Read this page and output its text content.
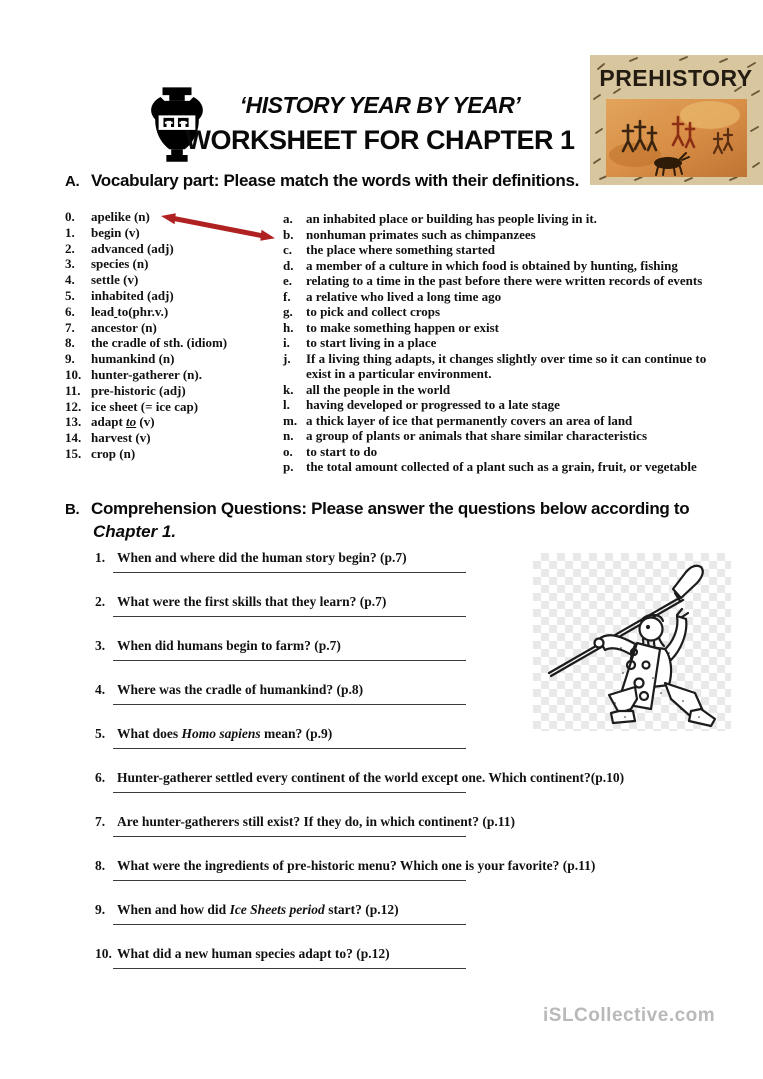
‘HISTORY YEAR BY YEAR’
WORKSHEET FOR CHAPTER 1
PREHISTORY
A. Vocabulary part: Please match the words with their definitions.
0.	apelike (n)
1.	begin (v)
2.	advanced (adj)
3.	species (n)
4.	settle (v)
5.	inhabited (adj)
6.	lead to(phr.v.)
7.	ancestor (n)
8.	the cradle of sth. (idiom)
9.	humankind (n)
10. hunter-gatherer (n).
11. pre-historic (adj)
12. ice sheet (= ice cap)
13. adapt to (v)
14. harvest (v)
15. crop (n)
a.	an inhabited place or building has people living in it.
b. nonhuman primates such as chimpanzees
c.	the place where something started
d. a member of a culture in which food is obtained by hunting, fishing
e.	relating to a time in the past before there were written records of events
f.	a relative who lived a long time ago
g.	to pick and collect crops
h. to make something happen or exist
i.	to start living in a place
j.	If a living thing adapts, it changes slightly over time so it can continue to
exist in a particular environment.
k. all the people in the world
l.	having developed or progressed to a late stage
m. a thick layer of ice that permanently covers an area of land
n. a group of plants or animals that share similar characteristics
o.	to start to do
p. the total amount collected of a plant such as a grain, fruit, or vegetable
B. Comprehension Questions: Please answer the questions below according to
Chapter 1.
1. When and where did the human story begin? (p.7)
2. What were the first skills that they learn? (p.7)
3. When did humans begin to farm? (p.7)
4. Where was the cradle of humankind? (p.8)
5. What does Homo sapiens mean? (p.9)
6. Hunter-gatherer settled every continent of the world except one. Which continent?(p.10)
7. Are hunter-gatherers still exist? If they do, in which continent? (p.11)
8. What were the ingredients of pre-historic menu? Which one is your favorite? (p.11)
9. When and how did Ice Sheets period start? (p.12)
10. What did a new human species adapt to? (p.12)
iSLCollective.com
